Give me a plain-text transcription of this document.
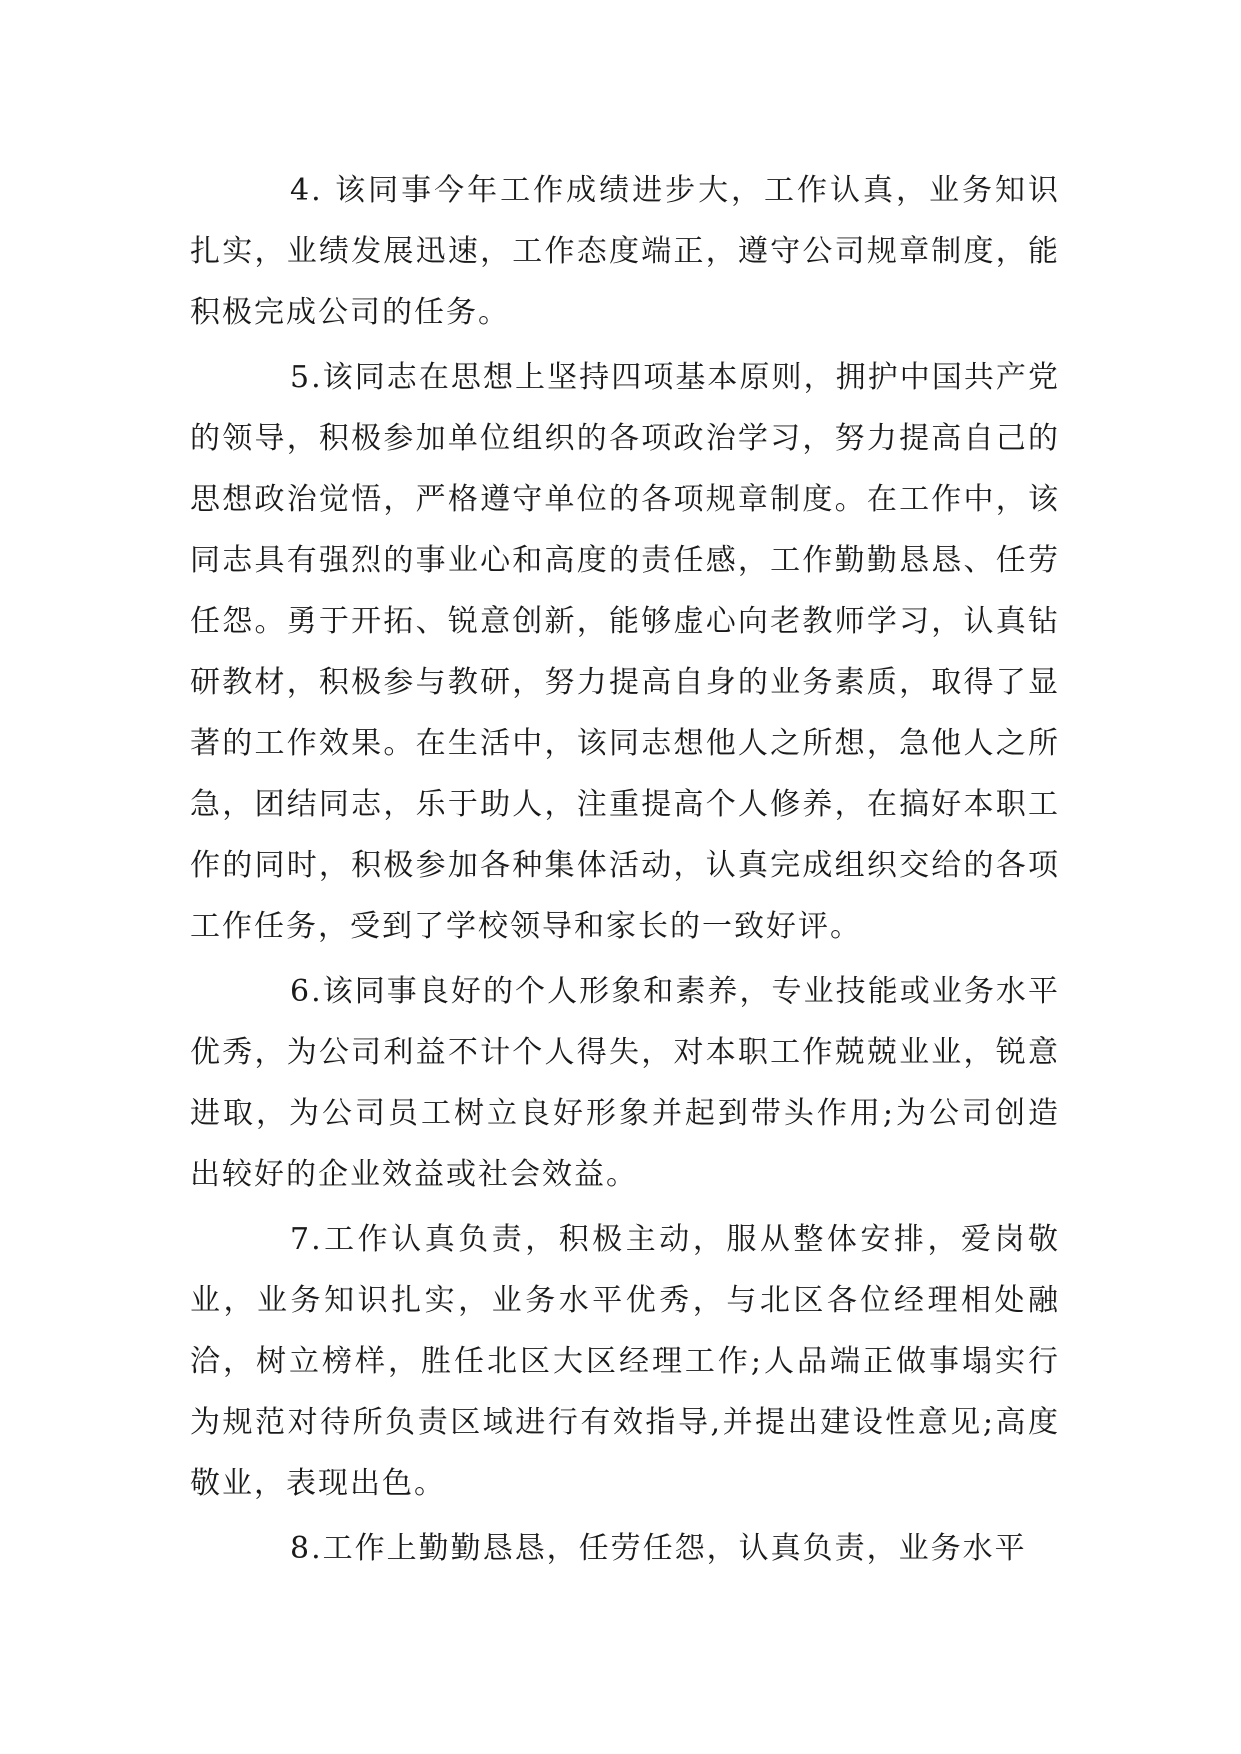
4. 该同事今年工作成绩进步大，工作认真，业务知识扎实，业绩发展迅速，工作态度端正，遵守公司规章制度，能积极完成公司的任务。

5.该同志在思想上坚持四项基本原则，拥护中国共产党的领导，积极参加单位组织的各项政治学习，努力提高自己的思想政治觉悟，严格遵守单位的各项规章制度。在工作中，该同志具有强烈的事业心和高度的责任感，工作勤勤恳恳、任劳任怨。勇于开拓、锐意创新，能够虚心向老教师学习，认真钻研教材，积极参与教研，努力提高自身的业务素质，取得了显著的工作效果。在生活中，该同志想他人之所想，急他人之所急，团结同志，乐于助人，注重提高个人修养，在搞好本职工作的同时，积极参加各种集体活动，认真完成组织交给的各项工作任务，受到了学校领导和家长的一致好评。

6.该同事良好的个人形象和素养，专业技能或业务水平优秀，为公司利益不计个人得失，对本职工作兢兢业业，锐意进取，为公司员工树立良好形象并起到带头作用;为公司创造出较好的企业效益或社会效益。

7.工作认真负责，积极主动，服从整体安排，爱岗敬业，业务知识扎实，业务水平优秀，与北区各位经理相处融洽，树立榜样，胜任北区大区经理工作;人品端正做事塌实行为规范对待所负责区域进行有效指导,并提出建设性意见;高度敬业，表现出色。

8.工作上勤勤恳恳，任劳任怨，认真负责，业务水平
